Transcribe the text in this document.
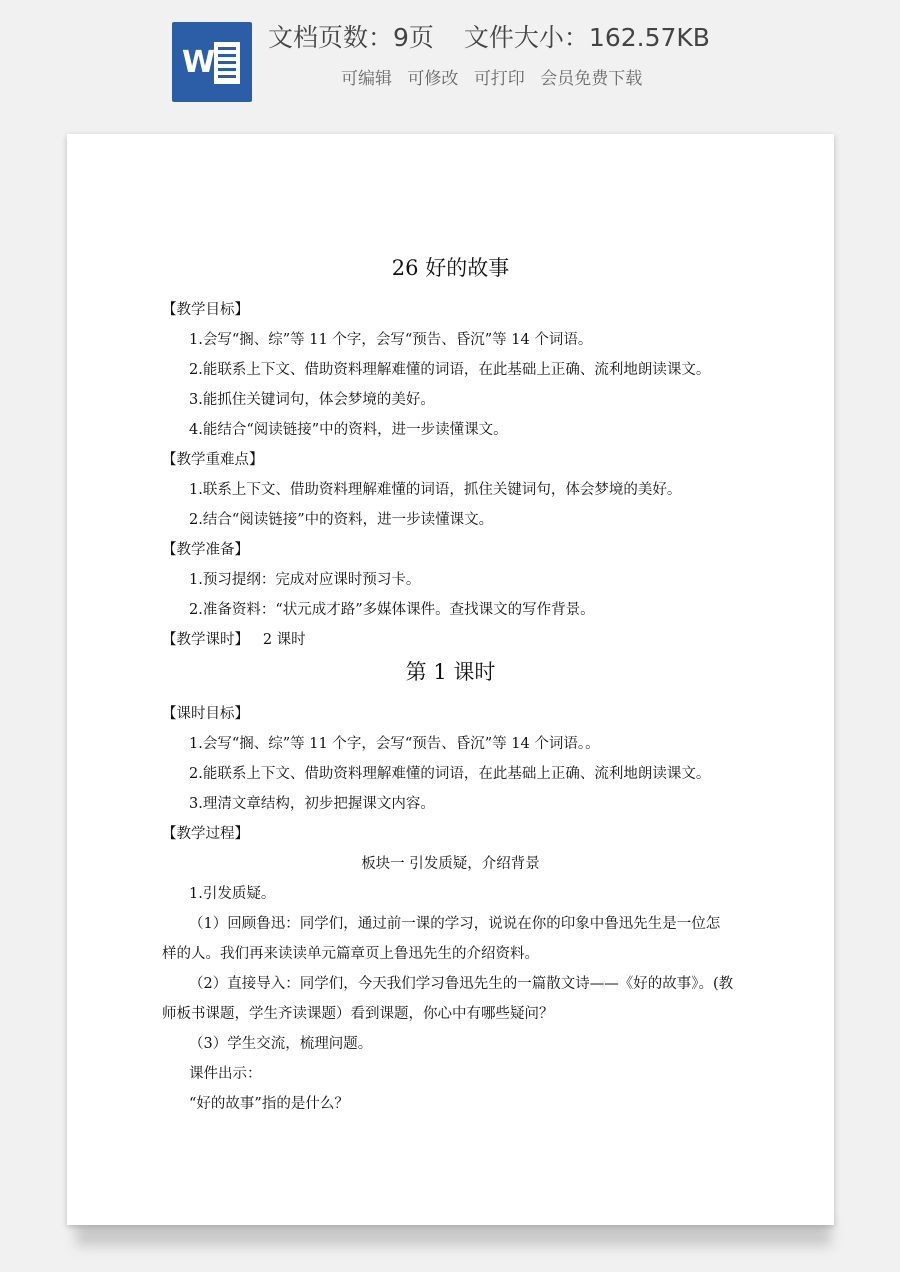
W
文档页数：9页 文件大小：162.57KB
可编辑 可修改 可打印 会员免费下载
26 好的故事
【教学目标】
1.会写“搁、综”等 11 个字，会写“预告、昏沉”等 14 个词语。
2.能联系上下文、借助资料理解难懂的词语，在此基础上正确、流利地朗读课文。
3.能抓住关键词句，体会梦境的美好。
4.能结合“阅读链接”中的资料，进一步读懂课文。
【教学重难点】
1.联系上下文、借助资料理解难懂的词语，抓住关键词句，体会梦境的美好。
2.结合“阅读链接”中的资料，进一步读懂课文。
【教学准备】
1.预习提纲：完成对应课时预习卡。
2.准备资料：“状元成才路”多媒体课件。查找课文的写作背景。
【教学课时】 2 课时
第 1 课时
【课时目标】
1.会写“搁、综”等 11 个字，会写“预告、昏沉”等 14 个词语。。
2.能联系上下文、借助资料理解难懂的词语，在此基础上正确、流利地朗读课文。
3.理清文章结构，初步把握课文内容。
【教学过程】
板块一 引发质疑，介绍背景
1.引发质疑。
（1）回顾鲁迅：同学们，通过前一课的学习，说说在你的印象中鲁迅先生是一位怎
样的人。我们再来读读单元篇章页上鲁迅先生的介绍资料。
（2）直接导入：同学们，今天我们学习鲁迅先生的一篇散文诗——《好的故事》。(教
师板书课题，学生齐读课题）看到课题，你心中有哪些疑问？
（3）学生交流，梳理问题。
课件出示：
“好的故事”指的是什么？
